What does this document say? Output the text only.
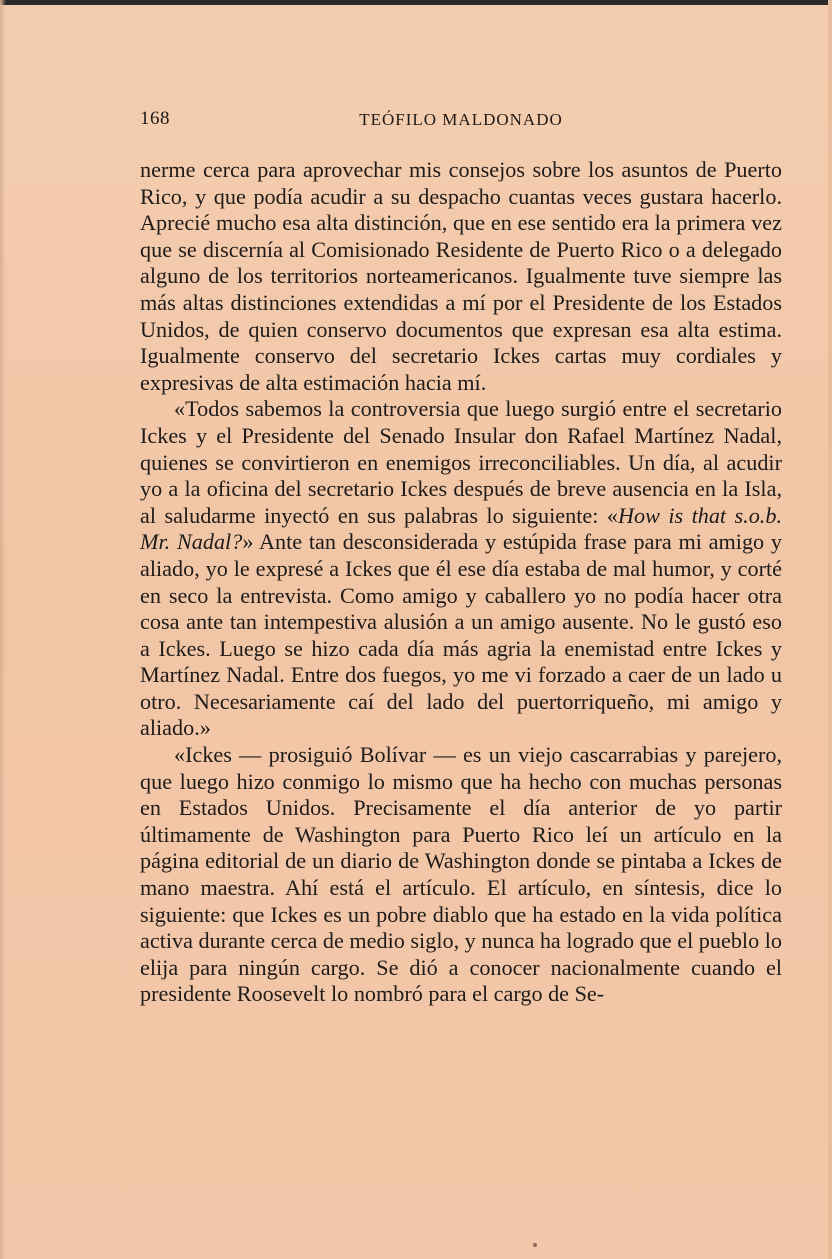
168	TEÓFILO MALDONADO

nerme cerca para aprovechar mis consejos sobre los asuntos de Puerto Rico, y que podía acudir a su despacho cuantas veces gustara hacerlo. Aprecié mucho esa alta distinción, que en ese sentido era la primera vez que se discernía al Comisionado Residente de Puerto Rico o a delegado alguno de los territorios norteamericanos. Igualmente tuve siempre las más altas distinciones extendidas a mí por el Presidente de los Estados Unidos, de quien conservo documentos que expresan esa alta estima. Igualmente conservo del secretario Ickes cartas muy cordiales y expresivas de alta estimación hacia mí.

«Todos sabemos la controversia que luego surgió entre el secretario Ickes y el Presidente del Senado Insular don Rafael Martínez Nadal, quienes se convirtieron en enemigos irreconciliables. Un día, al acudir yo a la oficina del secretario Ickes después de breve ausencia en la Isla, al saludarme inyectó en sus palabras lo siguiente: «How is that s.o.b. Mr. Nadal?» Ante tan desconsiderada y estúpida frase para mi amigo y aliado, yo le expresé a Ickes que él ese día estaba de mal humor, y corté en seco la entrevista. Como amigo y caballero yo no podía hacer otra cosa ante tan intempestiva alusión a un amigo ausente. No le gustó eso a Ickes. Luego se hizo cada día más agria la enemistad entre Ickes y Martínez Nadal. Entre dos fuegos, yo me vi forzado a caer de un lado u otro. Necesariamente caí del lado del puertorriqueño, mi amigo y aliado.»

«Ickes — prosiguió Bolívar — es un viejo cascarrabias y parejero, que luego hizo conmigo lo mismo que ha hecho con muchas personas en Estados Unidos. Precisamente el día anterior de yo partir últimamente de Washington para Puerto Rico leí un artículo en la página editorial de un diario de Washington donde se pintaba a Ickes de mano maestra. Ahí está el artículo. El artículo, en síntesis, dice lo siguiente: que Ickes es un pobre diablo que ha estado en la vida política activa durante cerca de medio siglo, y nunca ha logrado que el pueblo lo elija para ningún cargo. Se dió a conocer nacionalmente cuando el presidente Roosevelt lo nombró para el cargo de Se-
